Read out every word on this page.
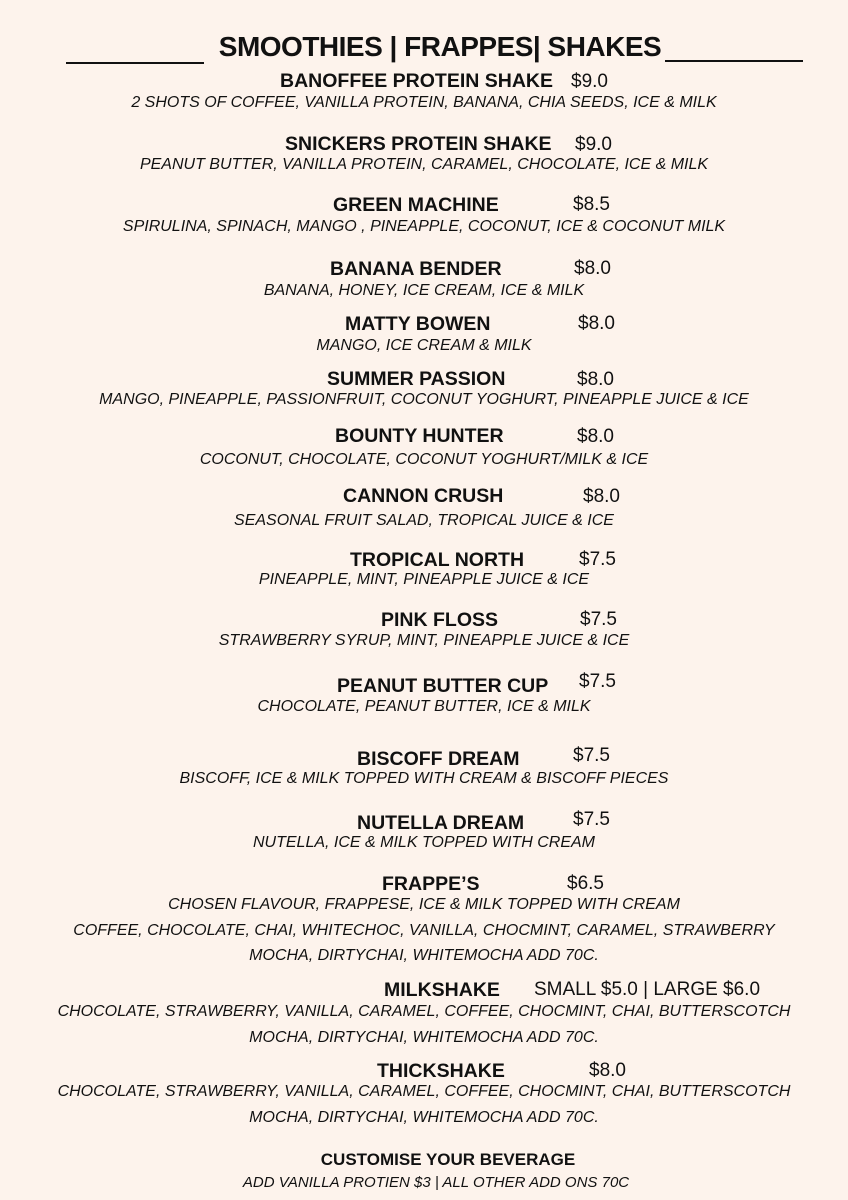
SMOOTHIES | FRAPPES| SHAKES
BANOFFEE PROTEIN SHAKE $9.0
2 SHOTS OF COFFEE, VANILLA PROTEIN, BANANA, CHIA SEEDS, ICE & MILK
SNICKERS PROTEIN SHAKE $9.0
PEANUT BUTTER, VANILLA PROTEIN, CARAMEL, CHOCOLATE, ICE & MILK
GREEN MACHINE	$8.5
SPIRULINA, SPINACH, MANGO , PINEAPPLE, COCONUT, ICE & COCONUT MILK
BANANA BENDER	$8.0
BANANA, HONEY, ICE CREAM, ICE & MILK
MATTY BOWEN	$8.0
MANGO, ICE CREAM & MILK
SUMMER PASSION	$8.0
MANGO, PINEAPPLE, PASSIONFRUIT, COCONUT YOGHURT, PINEAPPLE JUICE & ICE
BOUNTY HUNTER	$8.0
COCONUT, CHOCOLATE, COCONUT YOGHURT/MILK & ICE
CANNON CRUSH	$8.0
SEASONAL FRUIT SALAD, TROPICAL JUICE & ICE
TROPICAL NORTH	$7.5
PINEAPPLE, MINT, PINEAPPLE JUICE & ICE
PINK FLOSS	$7.5
STRAWBERRY SYRUP, MINT, PINEAPPLE JUICE & ICE
PEANUT BUTTER CUP $7.5
CHOCOLATE, PEANUT BUTTER, ICE & MILK
BISCOFF DREAM	$7.5
BISCOFF, ICE & MILK TOPPED WITH CREAM & BISCOFF PIECES
NUTELLA DREAM	$7.5
NUTELLA, ICE & MILK TOPPED WITH CREAM
FRAPPE’S	$6.5
CHOSEN FLAVOUR, FRAPPESE, ICE & MILK TOPPED WITH CREAM
COFFEE, CHOCOLATE, CHAI, WHITECHOC, VANILLA, CHOCMINT, CARAMEL, STRAWBERRY
MOCHA, DIRTYCHAI, WHITEMOCHA ADD 70C.
MILKSHAKE SMALL $5.0 | LARGE $6.0
CHOCOLATE, STRAWBERRY, VANILLA, CARAMEL, COFFEE, CHOCMINT, CHAI, BUTTERSCOTCH
MOCHA, DIRTYCHAI, WHITEMOCHA ADD 70C.
THICKSHAKE	$8.0
CHOCOLATE, STRAWBERRY, VANILLA, CARAMEL, COFFEE, CHOCMINT, CHAI, BUTTERSCOTCH
MOCHA, DIRTYCHAI, WHITEMOCHA ADD 70C.
CUSTOMISE YOUR BEVERAGE
ADD VANILLA PROTIEN $3 | ALL OTHER ADD ONS 70C
